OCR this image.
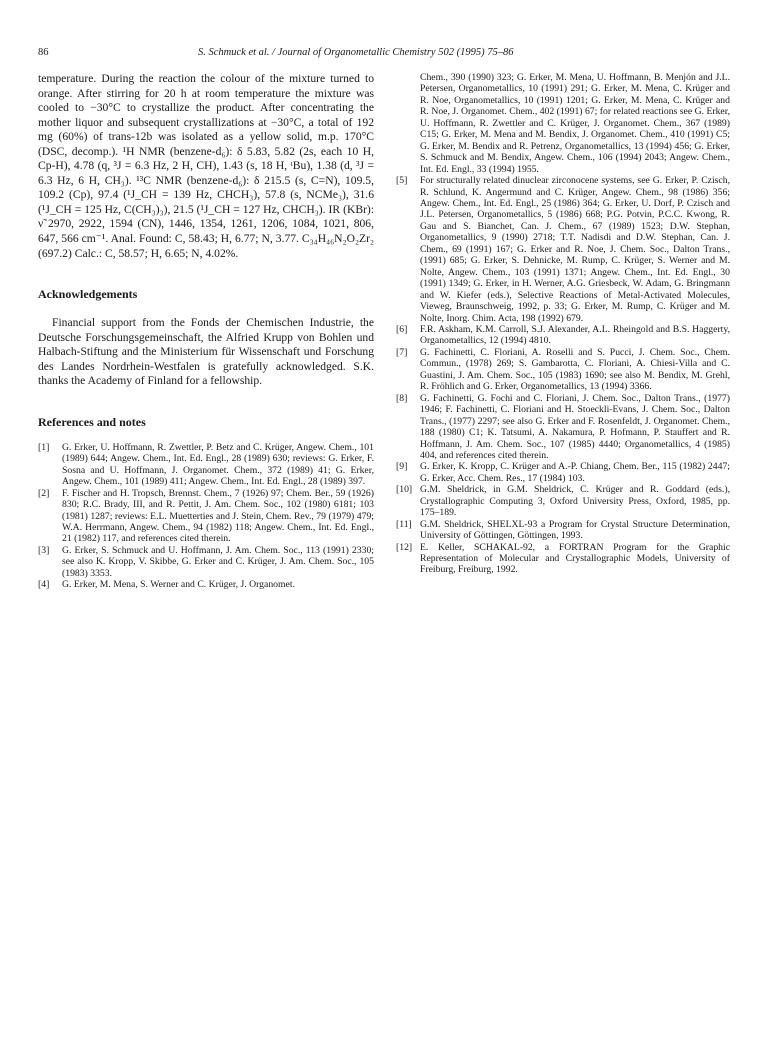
86	S. Schmuck et al. / Journal of Organometallic Chemistry 502 (1995) 75–86

temperature. During the reaction the colour of the mixture turned to orange. After stirring for 20 h at room temperature the mixture was cooled to −30°C to crystallize the product. After concentrating the mother liquor and subsequent crystallizations at −30°C, a total of 192 mg (60%) of trans-12b was isolated as a yellow solid, m.p. 170°C (DSC, decomp.). ¹H NMR (benzene-d₆): δ 5.83, 5.82 (2s, each 10 H, Cp-H), 4.78 (q, ³J = 6.3 Hz, 2 H, CH), 1.43 (s, 18 H, ᵗBu), 1.38 (d, ³J = 6.3 Hz, 6 H, CH₃). ¹³C NMR (benzene-d₆): δ 215.5 (s, C=N), 109.5, 109.2 (Cp), 97.4 (¹J_CH = 139 Hz, CHCH₃), 57.8 (s, NCMe₃), 31.6 (¹J_CH = 125 Hz, C(CH₃)₃), 21.5 (¹J_CH = 127 Hz, CHCH₃). IR (KBr): ν̃ 2970, 2922, 1594 (CN), 1446, 1354, 1261, 1206, 1084, 1021, 806, 647, 566 cm⁻¹. Anal. Found: C, 58.43; H, 6.77; N, 3.77. C₃₄H₄₆N₂O₂Zr₂ (697.2) Calc.: C, 58.57; H, 6.65; N, 4.02%.

Acknowledgements

Financial support from the Fonds der Chemischen Industrie, the Deutsche Forschungsgemeinschaft, the Alfried Krupp von Bohlen und Halbach-Stiftung and the Ministerium für Wissenschaft und Forschung des Landes Nordrhein-Westfalen is gratefully acknowledged. S.K. thanks the Academy of Finland for a fellowship.

References and notes
[1] G. Erker, U. Hoffmann, R. Zwettler, P. Betz and C. Krüger, Angew. Chem., 101 (1989) 644; Angew. Chem., Int. Ed. Engl., 28 (1989) 630; reviews: G. Erker, F. Sosna and U. Hoffmann, J. Organomet. Chem., 372 (1989) 41; G. Erker, Angew. Chem., 101 (1989) 411; Angew. Chem., Int. Ed. Engl., 28 (1989) 397.
[2] F. Fischer and H. Tropsch, Brennst. Chem., 7 (1926) 97; Chem. Ber., 59 (1926) 830; R.C. Brady, III, and R. Pettit, J. Am. Chem. Soc., 102 (1980) 6181; 103 (1981) 1287; reviews: E.L. Muetterties and J. Stein, Chem. Rev., 79 (1979) 479; W.A. Herrmann, Angew. Chem., 94 (1982) 118; Angew. Chem., Int. Ed. Engl., 21 (1982) 117, and references cited therein.
[3] G. Erker, S. Schmuck and U. Hoffmann, J. Am. Chem. Soc., 113 (1991) 2330; see also K. Kropp, V. Skibbe, G. Erker and C. Krüger, J. Am. Chem. Soc., 105 (1983) 3353.
[4] G. Erker, M. Mena, S. Werner and C. Krüger, J. Organomet.
Chem., 390 (1990) 323; G. Erker, M. Mena, U. Hoffmann, B. Menjón and J.L. Petersen, Organometallics, 10 (1991) 291; G. Erker, M. Mena, C. Krüger and R. Noe, Organometallics, 10 (1991) 1201; G. Erker, M. Mena, C. Krüger and R. Noe, J. Organomet. Chem., 402 (1991) 67; for related reactions see G. Erker, U. Hoffmann, R. Zwettler and C. Krüger, J. Organomet. Chem., 367 (1989) C15; G. Erker, M. Mena and M. Bendix, J. Organomet. Chem., 410 (1991) C5; G. Erker, M. Bendix and R. Petrenz, Organometallics, 13 (1994) 456; G. Erker, S. Schmuck and M. Bendix, Angew. Chem., 106 (1994) 2043; Angew. Chem., Int. Ed. Engl., 33 (1994) 1955.
[5] For structurally related dinuclear zirconocene systems, see G. Erker, P. Czisch, R. Schlund, K. Angermund and C. Krüger, Angew. Chem., 98 (1986) 356; Angew. Chem., Int. Ed. Engl., 25 (1986) 364; G. Erker, U. Dorf, P. Czisch and J.L. Petersen, Organometallics, 5 (1986) 668; P.G. Potvin, P.C.C. Kwong, R. Gau and S. Bianchet, Can. J. Chem., 67 (1989) 1523; D.W. Stephan, Organometallics, 9 (1990) 2718; T.T. Nadisdi and D.W. Stephan, Can. J. Chem., 69 (1991) 167; G. Erker and R. Noe, J. Chem. Soc., Dalton Trans., (1991) 685; G. Erker, S. Dehnicke, M. Rump, C. Krüger, S. Werner and M. Nolte, Angew. Chem., 103 (1991) 1371; Angew. Chem., Int. Ed. Engl., 30 (1991) 1349; G. Erker, in H. Werner, A.G. Griesbeck, W. Adam, G. Bringmann and W. Kiefer (eds.), Selective Reactions of Metal-Activated Molecules, Vieweg, Braunschweig, 1992, p. 33; G. Erker, M. Rump, C. Krüger and M. Nolte, Inorg. Chim. Acta, 198 (1992) 679.
[6] F.R. Askham, K.M. Carroll, S.J. Alexander, A.L. Rheingold and B.S. Haggerty, Organometallics, 12 (1994) 4810.
[7] G. Fachinetti, C. Floriani, A. Roselli and S. Pucci, J. Chem. Soc., Chem. Commun., (1978) 269; S. Gambarotta, C. Floriani, A. Chiesi-Villa and C. Guastini, J. Am. Chem. Soc., 105 (1983) 1690; see also M. Bendix, M. Grehl, R. Fröhlich and G. Erker, Organometallics, 13 (1994) 3366.
[8] G. Fachinetti, G. Fochi and C. Floriani, J. Chem. Soc., Dalton Trans., (1977) 1946; F. Fachinetti, C. Floriani and H. Stoeckli-Evans, J. Chem. Soc., Dalton Trans., (1977) 2297; see also G. Erker and F. Rosenfeldt, J. Organomet. Chem., 188 (1980) C1; K. Tatsumi, A. Nakamura, P. Hofmann, P. Stauffert and R. Hoffmann, J. Am. Chem. Soc., 107 (1985) 4440; Organometallics, 4 (1985) 404, and references cited therein.
[9] G. Erker, K. Kropp, C. Krüger and A.-P. Chiang, Chem. Ber., 115 (1982) 2447; G. Erker, Acc. Chem. Res., 17 (1984) 103.
[10] G.M. Sheldrick, in G.M. Sheldrick, C. Krüger and R. Goddard (eds.), Crystallographic Computing 3, Oxford University Press, Oxford, 1985, pp. 175–189.
[11] G.M. Sheldrick, SHELXL-93 a Program for Crystal Structure Determination, University of Göttingen, Göttingen, 1993.
[12] E. Keller, SCHAKAL-92, a FORTRAN Program for the Graphic Representation of Molecular and Crystallographic Models, University of Freiburg, Freiburg, 1992.
